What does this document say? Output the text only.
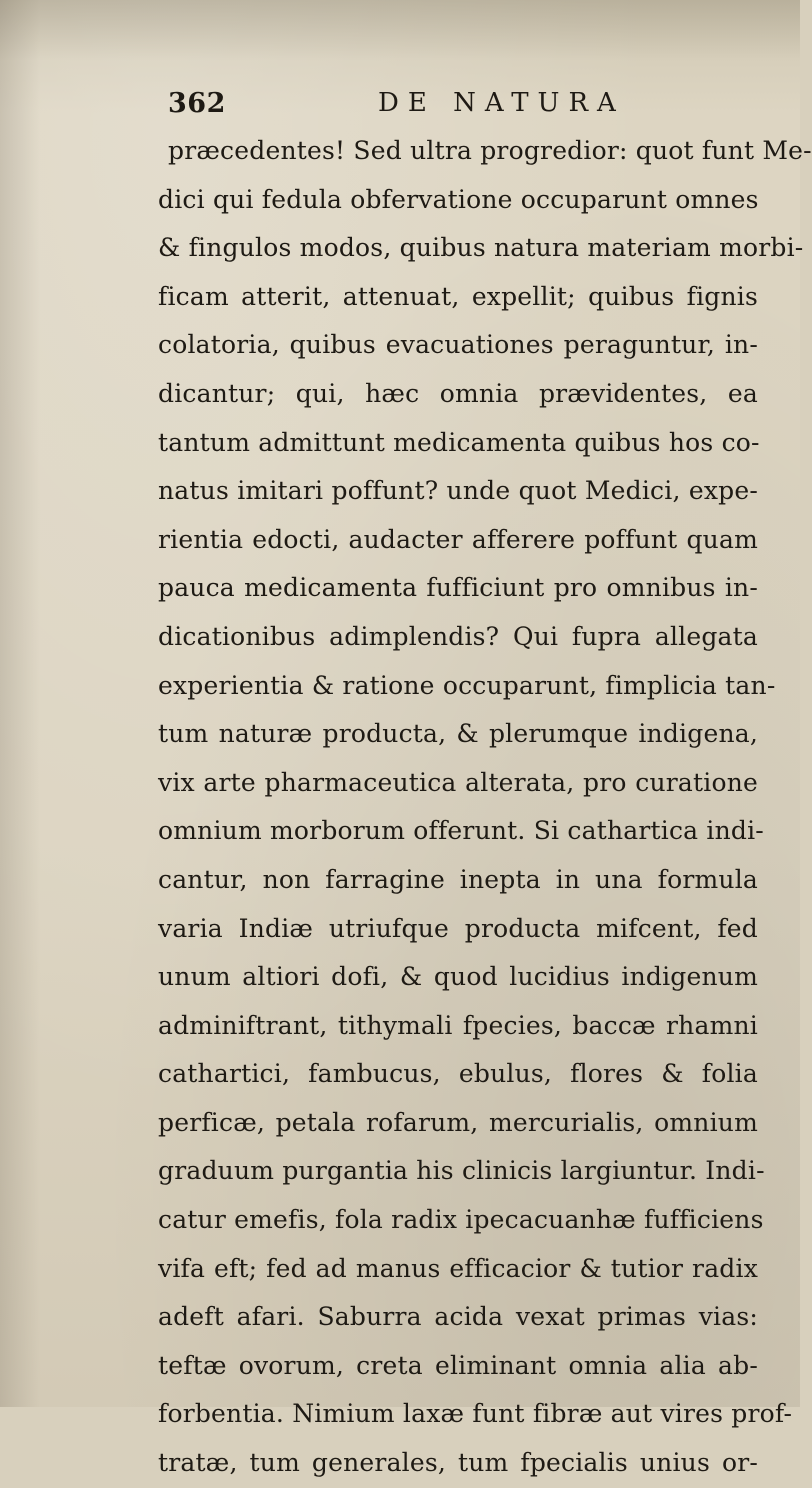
362	DE NATURA
præcedentes! Sed ultra progredior: quot funt Me-
dici qui fedula obfervatione occuparunt omnes
& fingulos modos, quibus natura materiam morbi-
ficam atterit, attenuat, expellit; quibus fignis
colatoria, quibus evacuationes peraguntur, in-
dicantur; qui, hæc omnia prævidentes, ea
tantum admittunt medicamenta quibus hos co-
natus imitari poffunt? unde quot Medici, expe-
rientia edocti, audacter afferere poffunt quam
pauca medicamenta fufficiunt pro omnibus in-
dicationibus adimplendis? Qui fupra allegata
experientia & ratione occuparunt, fimplicia tan-
tum naturæ producta, & plerumque indigena,
vix arte pharmaceutica alterata, pro curatione
omnium morborum offerunt. Si cathartica indi-
cantur, non farragine inepta in una formula
varia Indiæ utriufque producta mifcent, fed
unum altiori dofi, & quod lucidius indigenum
adminiftrant, tithymali fpecies, baccæ rhamni
cathartici, fambucus, ebulus, flores & folia
perficæ, petala rofarum, mercurialis, omnium
graduum purgantia his clinicis largiuntur. Indi-
catur emefis, fola radix ipecacuanhæ fufficiens
vifa eft; fed ad manus efficacior & tutior radix
adeft afari. Saburra acida vexat primas vias:
teftæ ovorum, creta eliminant omnia alia ab-
forbentia. Nimium laxæ funt fibræ aut vires prof-
tratæ, tum generales, tum fpecialis unius or-
